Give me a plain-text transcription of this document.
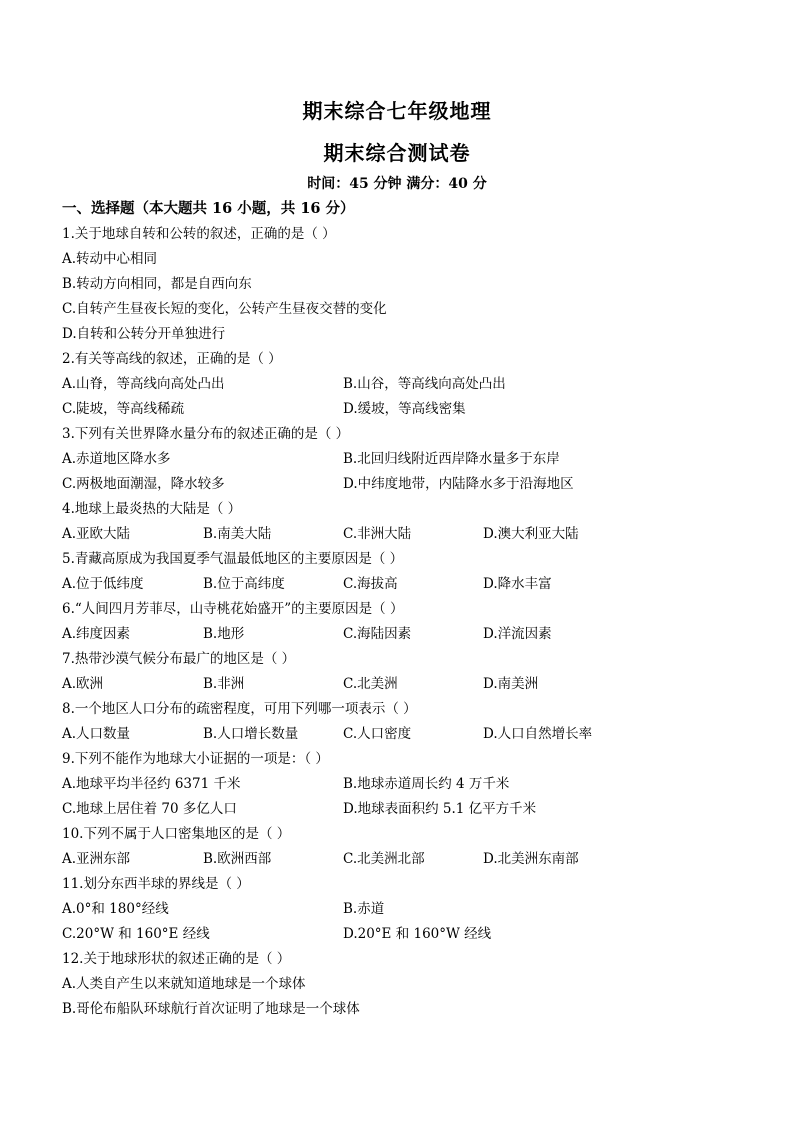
期末综合七年级地理
期末综合测试卷
时间：45 分钟 满分：40 分
一、选择题（本大题共 16 小题，共 16 分）
1.关于地球自转和公转的叙述，正确的是（ ）
A.转动中心相同
B.转动方向相同，都是自西向东
C.自转产生昼夜长短的变化，公转产生昼夜交替的变化
D.自转和公转分开单独进行
2.有关等高线的叙述，正确的是（ ）
A.山脊，等高线向高处凸出	B.山谷，等高线向高处凸出
C.陡坡，等高线稀疏	D.缓坡，等高线密集
3.下列有关世界降水量分布的叙述正确的是（ ）
A.赤道地区降水多	B.北回归线附近西岸降水量多于东岸
C.两极地面潮湿，降水较多	D.中纬度地带，内陆降水多于沿海地区
4.地球上最炎热的大陆是（ ）
A.亚欧大陆	B.南美大陆	C.非洲大陆	D.澳大利亚大陆
5.青藏高原成为我国夏季气温最低地区的主要原因是（ ）
A.位于低纬度	B.位于高纬度	C.海拔高	D.降水丰富
6.“人间四月芳菲尽，山寺桃花始盛开”的主要原因是（ ）
A.纬度因素	B.地形	C.海陆因素	D.洋流因素
7.热带沙漠气候分布最广的地区是（ ）
A.欧洲	B.非洲	C.北美洲	D.南美洲
8.一个地区人口分布的疏密程度，可用下列哪一项表示（ ）
A.人口数量	B.人口增长数量	C.人口密度	D.人口自然增长率
9.下列不能作为地球大小证据的一项是：（ ）
A.地球平均半径约 6371 千米	B.地球赤道周长约 4 万千米
C.地球上居住着 70 多亿人口	D.地球表面积约 5.1 亿平方千米
10.下列不属于人口密集地区的是（ ）
A.亚洲东部	B.欧洲西部	C.北美洲北部	D.北美洲东南部
11.划分东西半球的界线是（ ）
A.0°和 180°经线	B.赤道
C.20°W 和 160°E 经线	D.20°E 和 160°W 经线
12.关于地球形状的叙述正确的是（ ）
A.人类自产生以来就知道地球是一个球体
B.哥伦布船队环球航行首次证明了地球是一个球体
